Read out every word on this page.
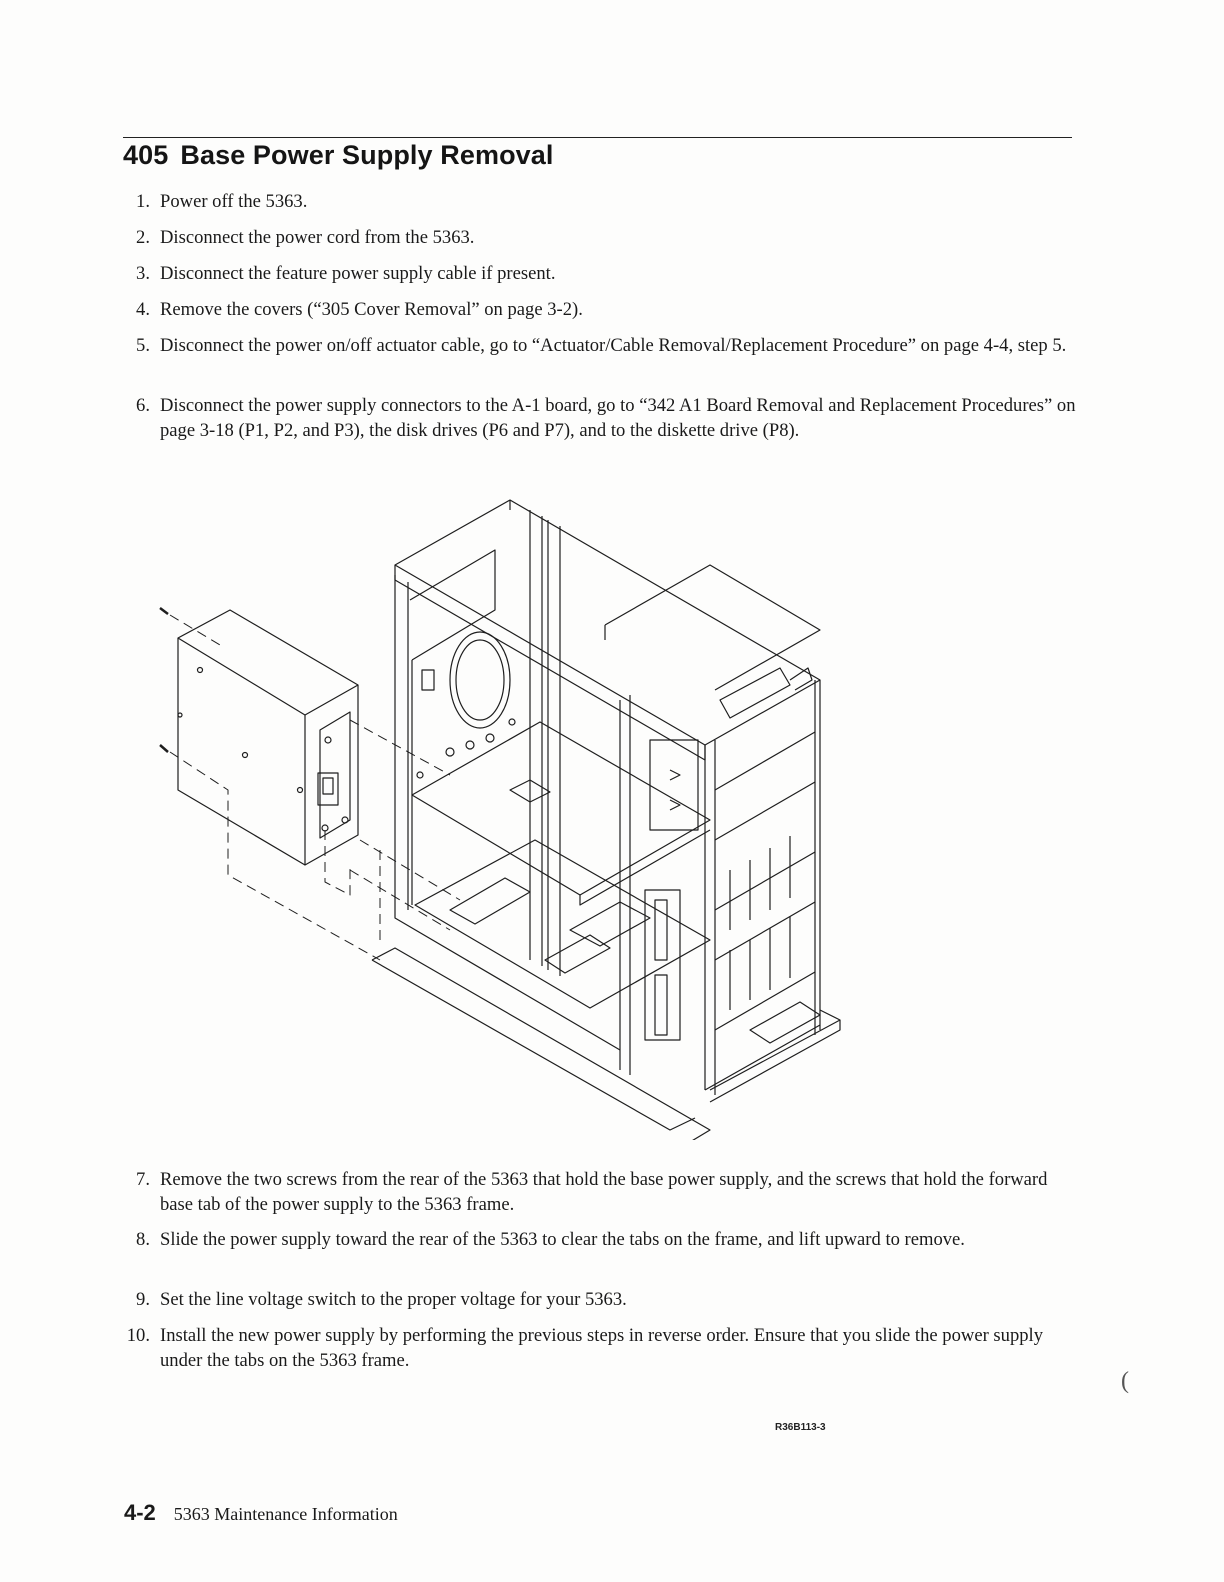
405 Base Power Supply Removal
1. Power off the 5363.
2. Disconnect the power cord from the 5363.
3. Disconnect the feature power supply cable if present.
4. Remove the covers (“305 Cover Removal” on page 3-2).
5. Disconnect the power on/off actuator cable, go to “Actuator/Cable Removal/Replacement Procedure” on page 4-4, step 5.
6. Disconnect the power supply connectors to the A-1 board, go to “342 A1 Board Removal and Replacement Procedures” on page 3-18 (P1, P2, and P3), the disk drives (P6 and P7), and to the diskette drive (P8).
7. Remove the two screws from the rear of the 5363 that hold the base power supply, and the screws that hold the forward base tab of the power supply to the 5363 frame.
8. Slide the power supply toward the rear of the 5363 to clear the tabs on the frame, and lift upward to remove.
9. Set the line voltage switch to the proper voltage for your 5363.
10. Install the new power supply by performing the previous steps in reverse order. Ensure that you slide the power supply under the tabs on the 5363 frame.
R36B113-3
4-2 5363 Maintenance Information
(
